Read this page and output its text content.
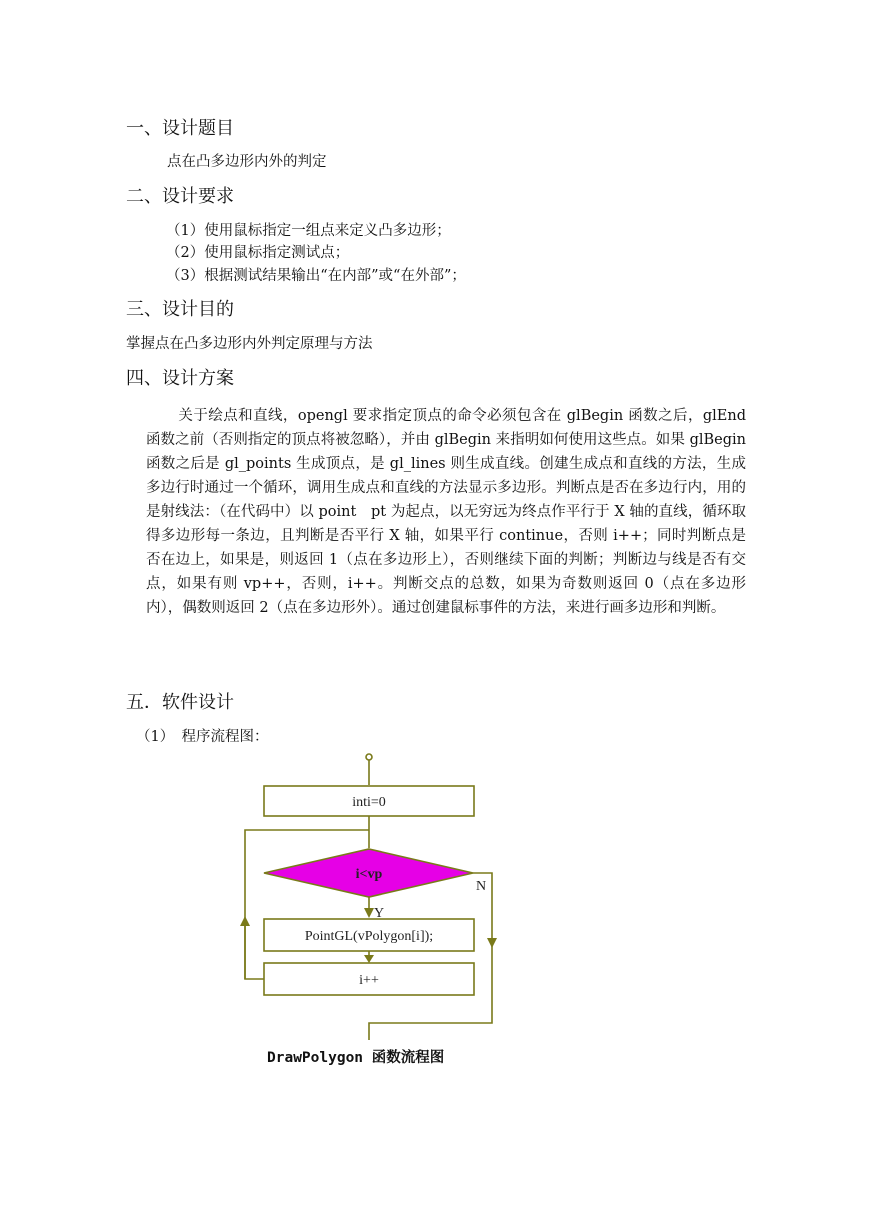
一、设计题目
点在凸多边形内外的判定
二、设计要求
（1）使用鼠标指定一组点来定义凸多边形；
（2）使用鼠标指定测试点；
（3）根据测试结果输出“在内部”或“在外部”；
三、设计目的
掌握点在凸多边形内外判定原理与方法
四、设计方案
关于绘点和直线，opengl 要求指定顶点的命令必须包含在 glBegin 函数之后，glEnd 函数之前（否则指定的顶点将被忽略），并由 glBegin 来指明如何使用这些点。如果 glBegin 函数之后是 gl_points 生成顶点，是 gl_lines 则生成直线。创建生成点和直线的方法，生成多边行时通过一个循环，调用生成点和直线的方法显示多边形。判断点是否在多边行内，用的是射线法：（在代码中）以 point　pt 为起点，以无穷远为终点作平行于 X 轴的直线，循环取得多边形每一条边，且判断是否平行 X 轴，如果平行 continue，否则 i++；同时判断点是否在边上，如果是，则返回 1（点在多边形上），否则继续下面的判断；判断边与线是否有交点，如果有则 vp++，否则，i++。判断交点的总数，如果为奇数则返回 0（点在多边形内），偶数则返回 2（点在多边形外）。通过创建鼠标事件的方法，来进行画多边形和判断。
五．软件设计
（1）　程序流程图：
inti=0
i<vp
N
Y
PointGL(vPolygon[i]);
i++
DrawPolygon 函数流程图
